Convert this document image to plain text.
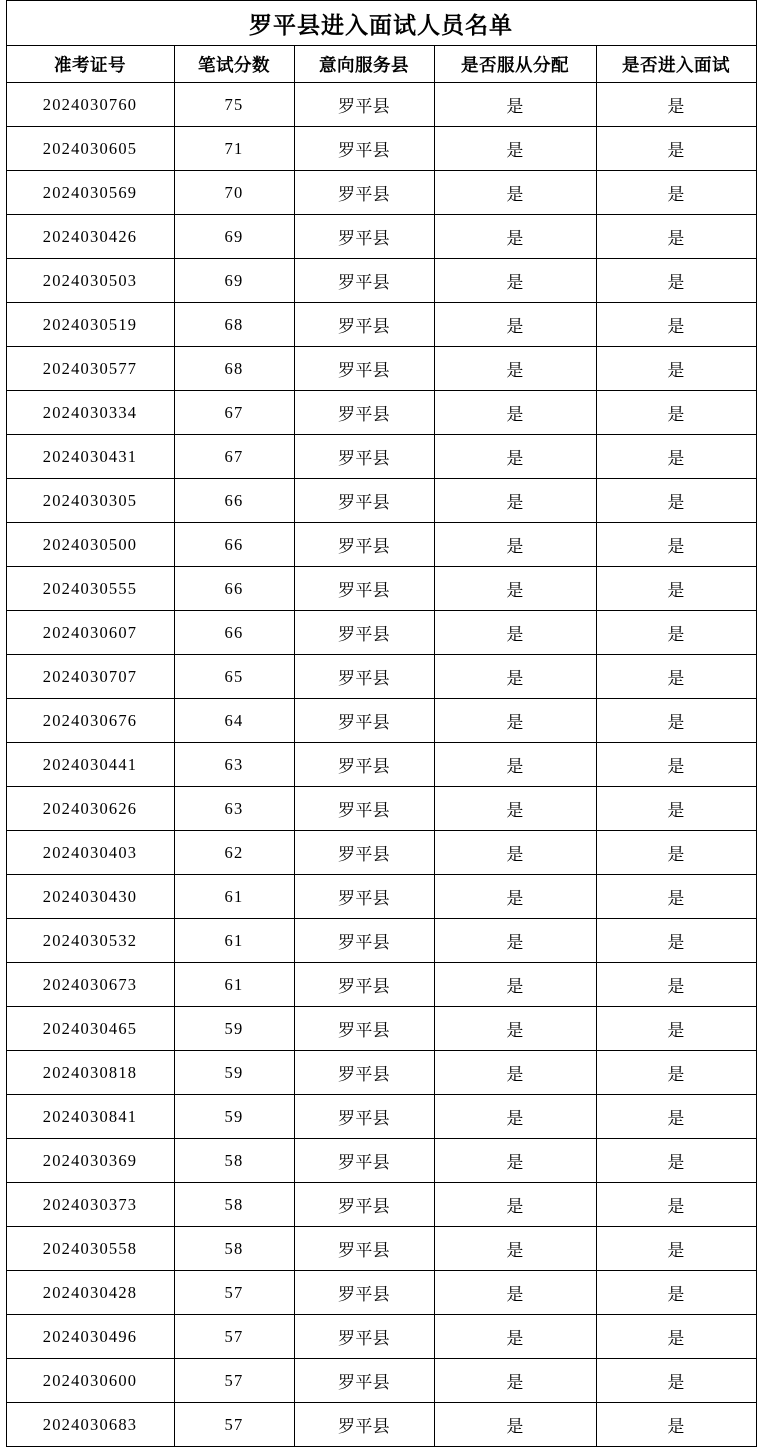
罗平县进入面试人员名单				
准考证号	笔试分数	意向服务县	是否服从分配	是否进入面试
2024030760	75	罗平县	是	是
2024030605	71	罗平县	是	是
2024030569	70	罗平县	是	是
2024030426	69	罗平县	是	是
2024030503	69	罗平县	是	是
2024030519	68	罗平县	是	是
2024030577	68	罗平县	是	是
2024030334	67	罗平县	是	是
2024030431	67	罗平县	是	是
2024030305	66	罗平县	是	是
2024030500	66	罗平县	是	是
2024030555	66	罗平县	是	是
2024030607	66	罗平县	是	是
2024030707	65	罗平县	是	是
2024030676	64	罗平县	是	是
2024030441	63	罗平县	是	是
2024030626	63	罗平县	是	是
2024030403	62	罗平县	是	是
2024030430	61	罗平县	是	是
2024030532	61	罗平县	是	是
2024030673	61	罗平县	是	是
2024030465	59	罗平县	是	是
2024030818	59	罗平县	是	是
2024030841	59	罗平县	是	是
2024030369	58	罗平县	是	是
2024030373	58	罗平县	是	是
2024030558	58	罗平县	是	是
2024030428	57	罗平县	是	是
2024030496	57	罗平县	是	是
2024030600	57	罗平县	是	是
2024030683	57	罗平县	是	是
